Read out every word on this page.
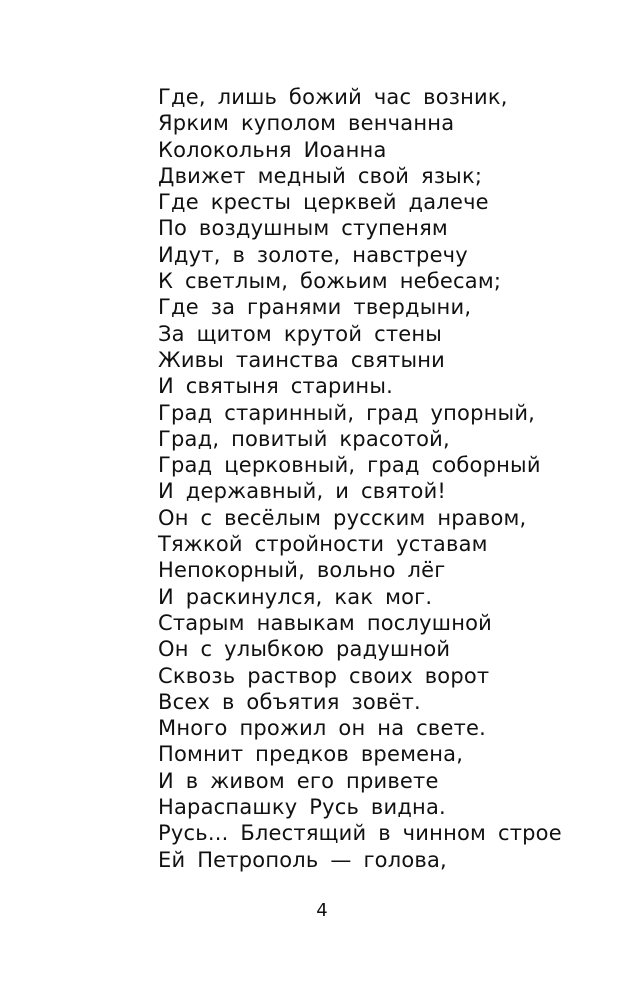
Где, лишь божий час возник,
Ярким куполом венчанна
Колокольня Иоанна
Движет медный свой язык;
Где кресты церквей далече
По воздушным ступеням
Идут, в золоте, навстречу
К светлым, божьим небесам;
Где за гранями твердыни,
За щитом крутой стены
Живы таинства святыни
И святыня старины.
Град старинный, град упорный,
Град, повитый красотой,
Град церковный, град соборный
И державный, и святой!
Он с весёлым русским нравом,
Тяжкой стройности уставам
Непокорный, вольно лёг
И раскинулся, как мог.
Старым навыкам послушной
Он с улыбкою радушной
Сквозь раствор своих ворот
Всех в объятия зовёт.
Много прожил он на свете.
Помнит предков времена,
И в живом его привете
Нараспашку Русь видна.
Русь... Блестящий в чинном строе
Ей Петрополь — голова,
4
